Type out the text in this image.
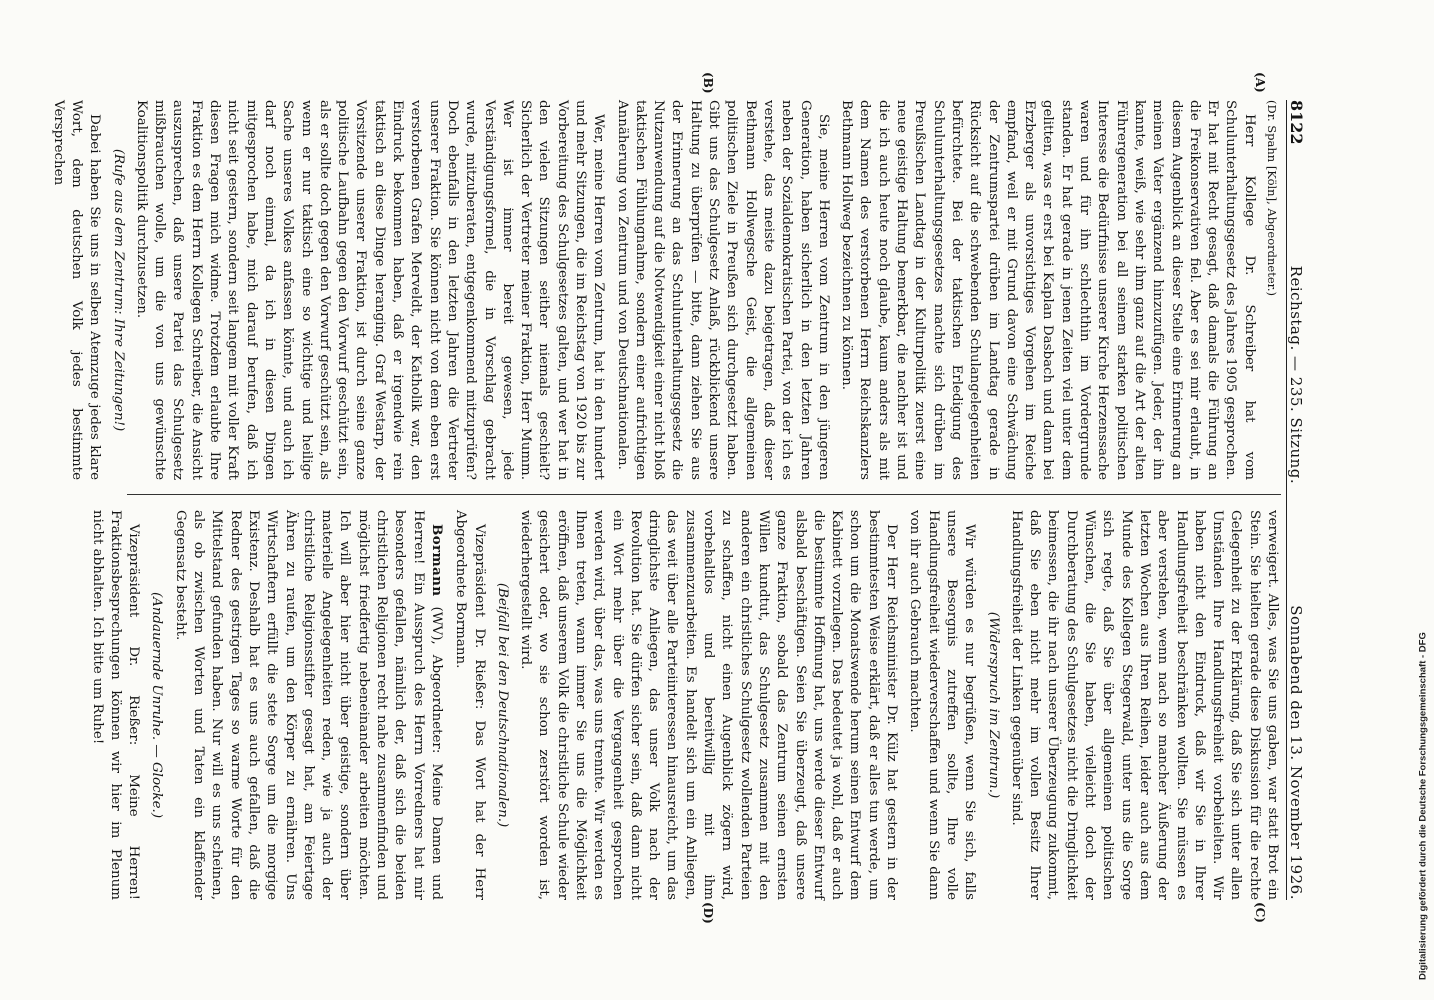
8122
Reichstag. — 235. Sitzung.
Sonnabend den 13. November 1926.
(A)
(B)
(C)
(D)

(Dr. Spahn [Köln], Abgeordneter.)

Herr Kollege Dr. Schreiber hat vom Schulunterhaltungsgesetz des Jahres 1905 gesprochen. Er hat mit Recht gesagt, daß damals die Führung an die Freikonservativen fiel. Aber es sei mir erlaubt, in diesem Augenblick an dieser Stelle eine Erinnerung an meinen Vater ergänzend hinzuzufügen. Jeder, der ihn kannte, weiß, wie sehr ihm ganz auf die Art der alten Führergeneration bei all seinem starken politischen Interesse die Bedürfnisse unserer Kirche Herzenssache waren und für ihn schlechthin im Vordergrunde standen. Er hat gerade in jenen Zeiten viel unter dem gelitten, was er erst bei Kaplan Dasbach und dann bei Erzberger als unvorsichtiges Vorgehen im Reiche empfand, weil er mit Grund davon eine Schwächung der Zentrumspartei drüben im Landtag gerade in Rücksicht auf die schwebenden Schulangelegenheiten befürchtete. Bei der taktischen Erledigung des Schulunterhaltungsgesetzes machte sich drüben im Preußischen Landtag in der Kulturpolitik zuerst eine neue geistige Haltung bemerkbar, die nachher ist und die ich auch heute noch glaube, kaum anders als mit dem Namen des verstorbenen Herrn Reichskanzlers Bethmann Hollweg bezeichnen zu können.

Sie, meine Herren vom Zentrum in den jüngeren Generation, haben sicherlich in den letzten Jahren neben der Sozialdemokratischen Partei, von der ich es verstehe, das meiste dazu beigetragen, daß dieser Bethmann Hollwegsche Geist, die allgemeinen politischen Ziele in Preußen sich durchgesetzt haben. Gibt uns das Schulgesetz Anlaß, rückblickend unsere Haltung zu überprüfen — bitte, dann ziehen Sie aus der Erinnerung an das Schulunterhaltungsgesetz die Nutzanwendung auf die Notwendigkeit einer nicht bloß taktischen Fühlungnahme, sondern einer aufrichtigen Annäherung von Zentrum und von Deutschnationalen.

Wer, meine Herren vom Zentrum, hat in den hundert und mehr Sitzungen, die im Reichstag von 1920 bis zur Vorbereitung des Schulgesetzes galten, und wer hat in den vielen Sitzungen seither niemals geschielt? Sicherlich der Vertreter meiner Fraktion, Herr Mumm. Wer ist immer bereit gewesen, jede Verständigungsformel, die in Vorschlag gebracht wurde, mitzuberaten, entgegenkommend mitzuprüfen? Doch ebenfalls in den letzten Jahren die Vertreter unserer Fraktion. Sie können nicht von dem eben erst verstorbenen Grafen Merveldt, der Katholik war, den Eindruck bekommen haben, daß er irgendwie rein taktisch an diese Dinge heranging. Graf Westarp, der Vorsitzende unserer Fraktion, ist durch seine ganze politische Laufbahn gegen den Vorwurf geschützt sein, als er sollte doch gegen den Vorwurf geschützt sein, als wenn er nur taktisch eine so wichtige und heilige Sache unseres Volkes anfassen könnte, und auch ich darf noch einmal, da ich in diesen Dingen mitgesprochen habe, mich darauf berufen, daß ich nicht seit gestern, sondern seit langem mit voller Kraft diesen Fragen mich widme. Trotzdem erlaubte Ihre Fraktion es dem Herrn Kollegen Schreiber, die Ansicht auszusprechen, daß unsere Partei das Schulgesetz mißbrauchen wolle, um die von uns gewünschte Koalitionspolitik durchzusetzen.

(Rufe aus dem Zentrum: Ihre Zeitungen!)

Dabei haben Sie uns in selben Atemzuge jedes klare Wort, dem deutschen Volk jedes bestimmte Versprechen

verweigert. Alles, was Sie uns gaben, war statt Brot ein Stein. Sie hielten gerade diese Diskussion für die rechte Gelegenheit zu der Erklärung, daß Sie sich unter allen Umständen Ihre Handlungsfreiheit vorbehielten. Wir haben nicht den Eindruck, daß wir Sie in Ihrer Handlungsfreiheit beschränken wollten. Sie müssen es aber verstehen, wenn nach so mancher Äußerung der letzten Wochen aus Ihren Reihen, leider auch aus dem Munde des Kollegen Stegerwald, unter uns die Sorge sich regte, daß Sie über allgemeinen politischen Wünschen, die Sie haben, vielleicht doch der Durchberatung des Schulgesetzes nicht die Dringlichkeit beimessen, die ihr nach unserer Überzeugung zukommt, daß Sie eben nicht mehr im vollen Besitz Ihrer Handlungsfreiheit der Linken gegenüber sind.

(Widerspruch im Zentrum.)

Wir würden es nur begrüßen, wenn Sie sich, falls unsere Besorgnis zutreffen sollte, Ihre volle Handlungsfreiheit wiederverschaffen und wenn Sie dann von ihr auch Gebrauch machten.

Der Herr Reichsminister Dr. Külz hat gestern in der bestimmtesten Weise erklärt, daß er alles tun werde, um schon um die Monatswende herum seinen Entwurf dem Kabinett vorzulegen. Das bedeutet ja wohl, daß er auch die bestimmte Hoffnung hat, uns werde dieser Entwurf alsbald beschäftigen. Seien Sie überzeugt, daß unsere ganze Fraktion, sobald das Zentrum seinen ernsten Willen kundtut, das Schulgesetz zusammen mit den anderen ein christliches Schulgesetz wollenden Parteien zu schaffen, nicht einen Augenblick zögern wird, vorbehaltlos und bereitwillig mit ihm zusammenzuarbeiten. Es handelt sich um ein Anliegen, das weit über alle Parteiinteressen hinausreicht, um das dringlichste Anliegen, das unser Volk nach der Revolution hat. Sie dürfen sicher sein, daß dann nicht ein Wort mehr über die Vergangenheit gesprochen werden wird, über das, was uns trennte. Wir werden es Ihnen treten, wann immer Sie uns die Möglichkeit eröffnen, daß unserem Volk die christliche Schule wieder gesichert oder, wo sie schon zerstört worden ist, wiederhergestellt wird.

(Beifall bei den Deutschnationalen.)

Vizepräsident Dr. Rießer: Das Wort hat der Herr Abgeordnete Bormann.

Bormann (WV), Abgeordneter: Meine Damen und Herren! Ein Ausspruch des Herrn Vorredners hat mir besonders gefallen, nämlich der, daß sich die beiden christlichen Religionen recht nahe zusammenfinden und möglichst friedfertig nebeneinander arbeiten möchten. Ich will aber hier nicht über geistige, sondern über materielle Angelegenheiten reden, wie ja auch der christliche Religionsstifter gesagt hat, am Feiertage Ähren zu raufen, um den Körper zu ernähren. Uns Wirtschaftern erfüllt die stete Sorge um die morgige Existenz. Deshalb hat es uns auch gefallen, daß die Redner des gestrigen Tages so warme Worte für den Mittelstand gefunden haben. Nur will es uns scheinen, als ob zwischen Worten und Taten ein klaffender Gegensatz besteht.

(Andauernde Unruhe. — Glocke.)

Vizepräsident Dr. Rießer: Meine Herren! Fraktionsbesprechungen können wir hier im Plenum nicht abhalten. Ich bitte um Ruhe!

Digitalisierung gefördert durch die Deutsche Forschungsgemeinschaft - DFG
